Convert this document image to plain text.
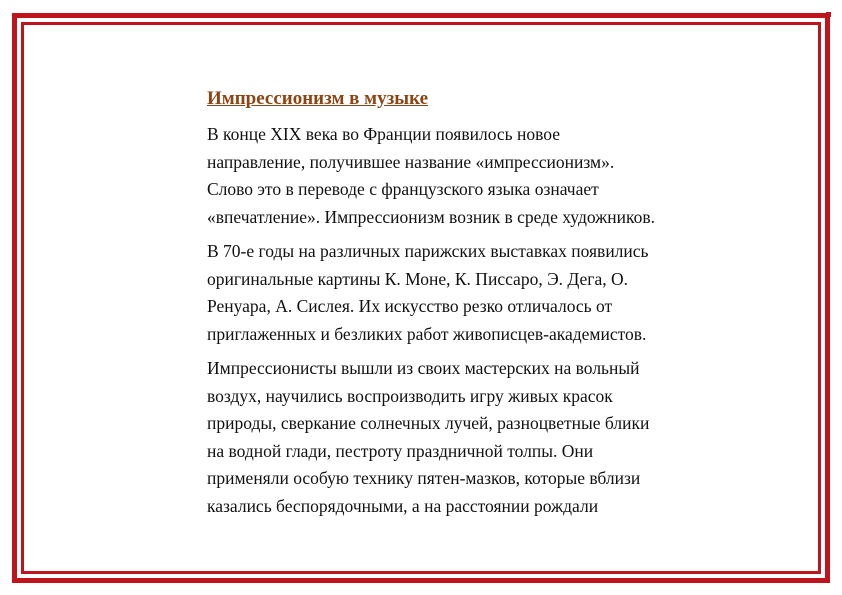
Импрессионизм в музыке

В конце XIX века во Франции появилось новое
направление, получившее название «импрессионизм».
Слово это в переводе с французского языка означает
«впечатление». Импрессионизм возник в среде художников.

В 70-е годы на различных парижских выставках появились
оригинальные картины К. Моне, К. Писсаро, Э. Дега, О.
Ренуара, А. Сислея. Их искусство резко отличалось от
приглаженных и безликих работ живописцев-академистов.

Импрессионисты вышли из своих мастерских на вольный
воздух, научились воспроизводить игру живых красок
природы, сверкание солнечных лучей, разноцветные блики
на водной глади, пестроту праздничной толпы. Они
применяли особую технику пятен-мазков, которые вблизи
казались беспорядочными, а на расстоянии рождали
